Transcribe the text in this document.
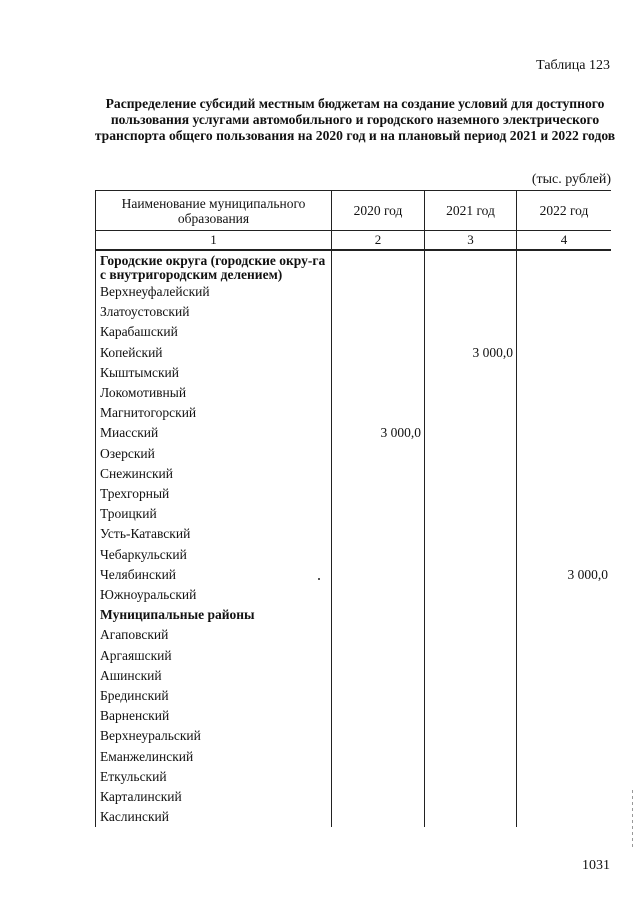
Таблица 123
Распределение субсидий местным бюджетам на создание условий для доступного пользования услугами автомобильного и городского наземного электрического транспорта общего пользования на 2020 год и на плановый период 2021 и 2022 годов
(тыс. рублей)
Наименование муниципального образования	2020 год	2021 год	2022 год
1	2	3	4
Городские округа (городские окру-га с внутригородским делением)			
Верхнеуфалейский			
Златоустовский			
Карабашский			
Копейский		3 000,0	
Кыштымский			
Локомотивный			
Магнитогорский			
Миасский	3 000,0		
Озерский			
Снежинский			
Трехгорный			
Троицкий			
Усть-Катавский			
Чебаркульский			
Челябинский			3 000,0
Южноуральский			
Муниципальные районы			
Агаповский			
Аргаяшский			
Ашинский			
Брединский			
Варненский			
Верхнеуральский			
Еманжелинский			
Еткульский			
Карталинский			
Каслинский			
1031
